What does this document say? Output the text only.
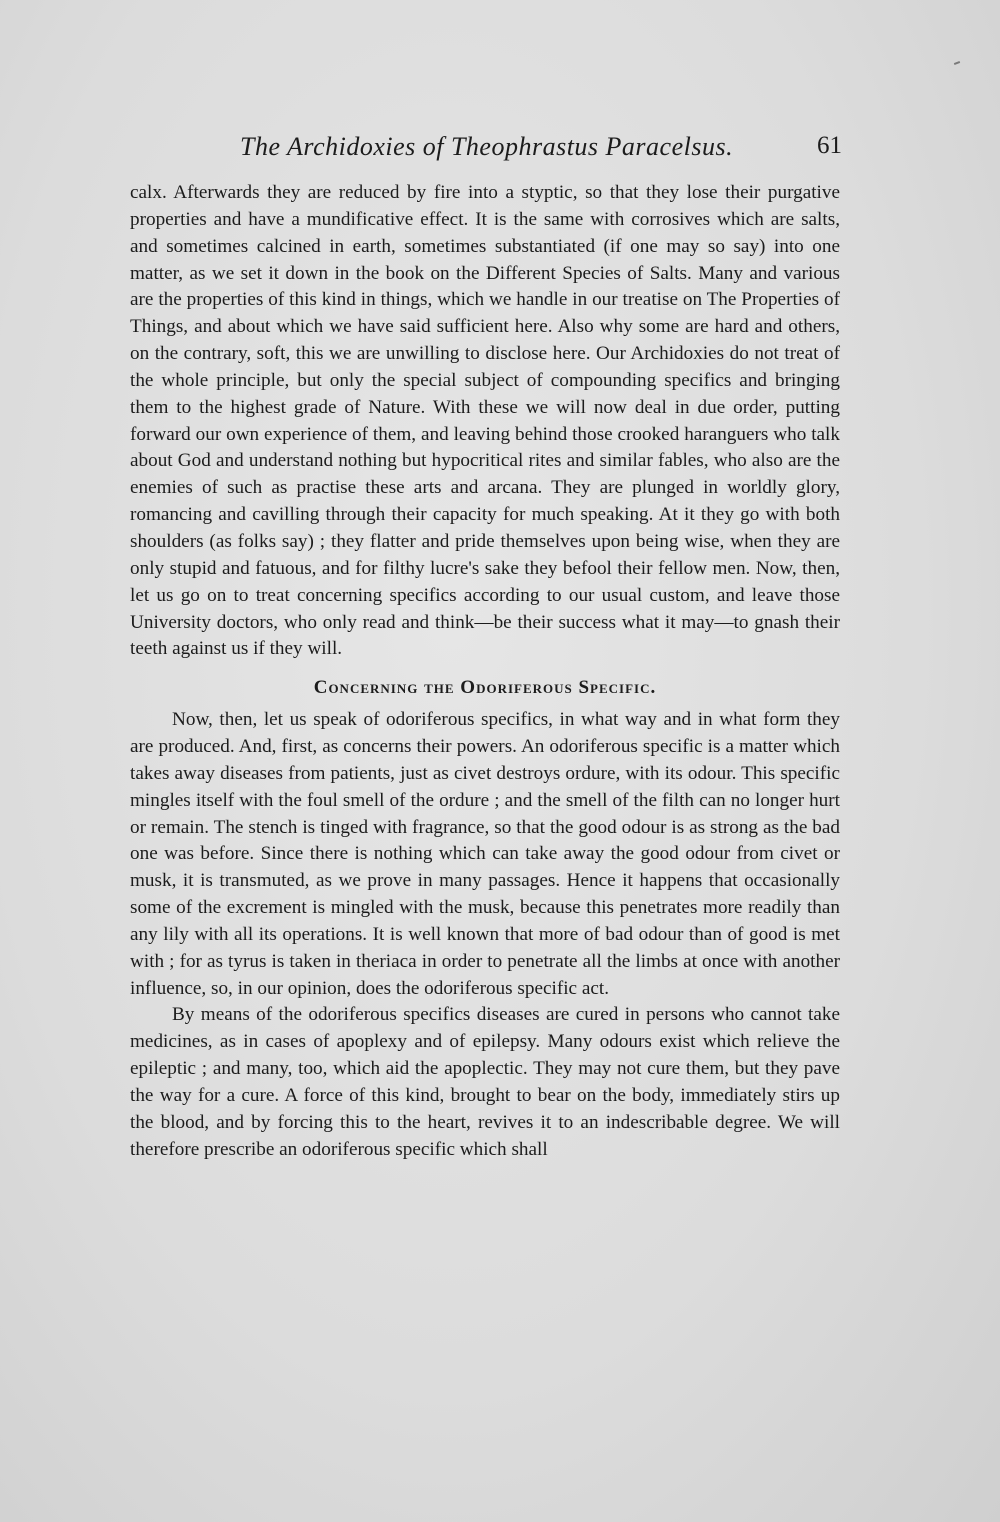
The Archidoxies of Theophrastus Paracelsus.	61

calx. Afterwards they are reduced by fire into a styptic, so that they lose their purgative properties and have a mundificative effect. It is the same with corrosives which are salts, and sometimes calcined in earth, sometimes substantiated (if one may so say) into one matter, as we set it down in the book on the Different Species of Salts. Many and various are the properties of this kind in things, which we handle in our treatise on The Properties of Things, and about which we have said sufficient here. Also why some are hard and others, on the contrary, soft, this we are unwilling to disclose here. Our Archidoxies do not treat of the whole principle, but only the special subject of compounding specifics and bringing them to the highest grade of Nature. With these we will now deal in due order, putting forward our own experience of them, and leaving behind those crooked haranguers who talk about God and understand nothing but hypocritical rites and similar fables, who also are the enemies of such as practise these arts and arcana. They are plunged in worldly glory, romancing and cavilling through their capacity for much speaking. At it they go with both shoulders (as folks say) ; they flatter and pride themselves upon being wise, when they are only stupid and fatuous, and for filthy lucre's sake they befool their fellow men. Now, then, let us go on to treat concerning specifics according to our usual custom, and leave those University doctors, who only read and think—be their success what it may—to gnash their teeth against us if they will.

Concerning the Odoriferous Specific.

Now, then, let us speak of odoriferous specifics, in what way and in what form they are produced. And, first, as concerns their powers. An odoriferous specific is a matter which takes away diseases from patients, just as civet destroys ordure, with its odour. This specific mingles itself with the foul smell of the ordure ; and the smell of the filth can no longer hurt or remain. The stench is tinged with fragrance, so that the good odour is as strong as the bad one was before. Since there is nothing which can take away the good odour from civet or musk, it is transmuted, as we prove in many passages. Hence it happens that occasionally some of the excrement is mingled with the musk, because this penetrates more readily than any lily with all its operations. It is well known that more of bad odour than of good is met with ; for as tyrus is taken in theriaca in order to penetrate all the limbs at once with another influence, so, in our opinion, does the odoriferous specific act.

By means of the odoriferous specifics diseases are cured in persons who cannot take medicines, as in cases of apoplexy and of epilepsy. Many odours exist which relieve the epileptic ; and many, too, which aid the apoplectic. They may not cure them, but they pave the way for a cure. A force of this kind, brought to bear on the body, immediately stirs up the blood, and by forcing this to the heart, revives it to an indescribable degree. We will therefore prescribe an odoriferous specific which shall
